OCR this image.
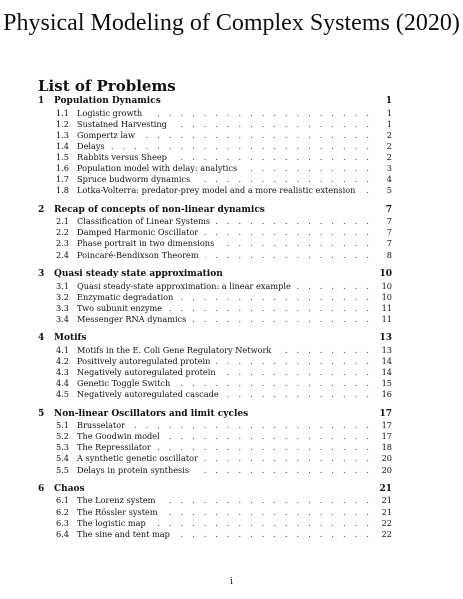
Physical Modeling of Complex Systems (2020)
List of Problems
1	Population Dynamics	1
1.1 Logistic growth . . .	1
1.2 Sustained Harvesting . . .	1
1.3 Gompertz law . . .	2
1.4 Delays . . .	2
1.5 Rabbits versus Sheep . . .	2
1.6 Population model with delay: analytics . . .	3
1.7 Spruce budworm dynamics . . .	4
1.8 Lotka-Volterra: predator-prey model and a more realistic extension . . .	5
2	Recap of concepts of non-linear dynamics	7
2.1 Classification of Linear Systems . . .	7
2.2 Damped Harmonic Oscillator . . .	7
2.3 Phase portrait in two dimensions . . .	7
2.4 Poincaré-Bendixson Theorem . . .	8
3	Quasi steady state approximation	10
3.1 Quasi steady-state approximation: a linear example . . .	10
3.2 Enzymatic degradation . . .	10
3.3 Two subunit enzyme . . .	11
3.4 Messenger RNA dynamics . . .	11
4	Motifs	13
4.1 Motifs in the E. Coli Gene Regulatory Network . . .	13
4.2 Positively autoregulated protein . . .	14
4.3 Negatively autoregulated protein . . .	14
4.4 Genetic Toggle Switch . . .	15
4.5 Negatively autoregulated cascade . . .	16
5	Non-linear Oscillators and limit cycles	17
5.1 Brusselator . . .	17
5.2 The Goodwin model . . .	17
5.3 The Repressilator . . .	18
5.4 A synthetic genetic oscillator . . .	20
5.5 Delays in protein synthesis . . .	20
6	Chaos	21
6.1 The Lorenz system . . .	21
6.2 The Rössler system . . .	21
6.3 The logistic map . . .	22
6.4 The sine and tent map . . .	22
i
